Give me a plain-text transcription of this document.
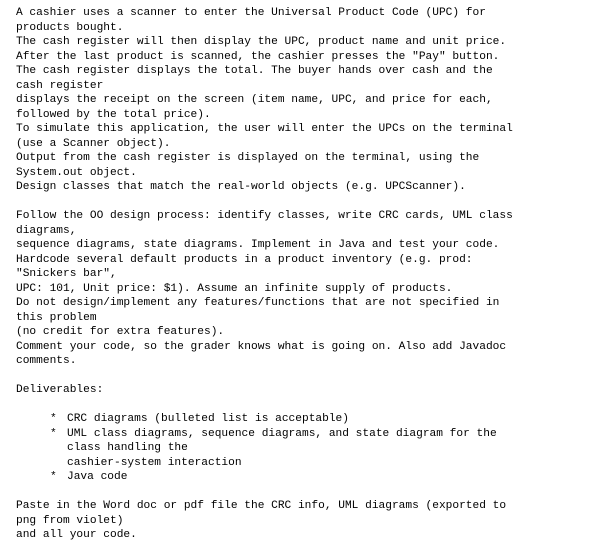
A cashier uses a scanner to enter the Universal Product Code (UPC) for
products bought.
The cash register will then display the UPC, product name and unit price.
After the last product is scanned, the cashier presses the "Pay" button.
The cash register displays the total. The buyer hands over cash and the
cash register
displays the receipt on the screen (item name, UPC, and price for each,
followed by the total price).
To simulate this application, the user will enter the UPCs on the terminal
(use a Scanner object).
Output from the cash register is displayed on the terminal, using the
System.out object.
Design classes that match the real-world objects (e.g. UPCScanner).
Follow the OO design process: identify classes, write CRC cards, UML class
diagrams,
sequence diagrams, state diagrams. Implement in Java and test your code.
Hardcode several default products in a product inventory (e.g. prod:
"Snickers bar",
UPC: 101, Unit price: $1). Assume an infinite supply of products.
Do not design/implement any features/functions that are not specified in
this problem
(no credit for extra features).
Comment your code, so the grader knows what is going on. Also add Javadoc
comments.
Deliverables:
* CRC diagrams (bulleted list is acceptable)
* UML class diagrams, sequence diagrams, and state diagram for the
class handling the
cashier-system interaction
* Java code
Paste in the Word doc or pdf file the CRC info, UML diagrams (exported to
png from violet)
and all your code.
